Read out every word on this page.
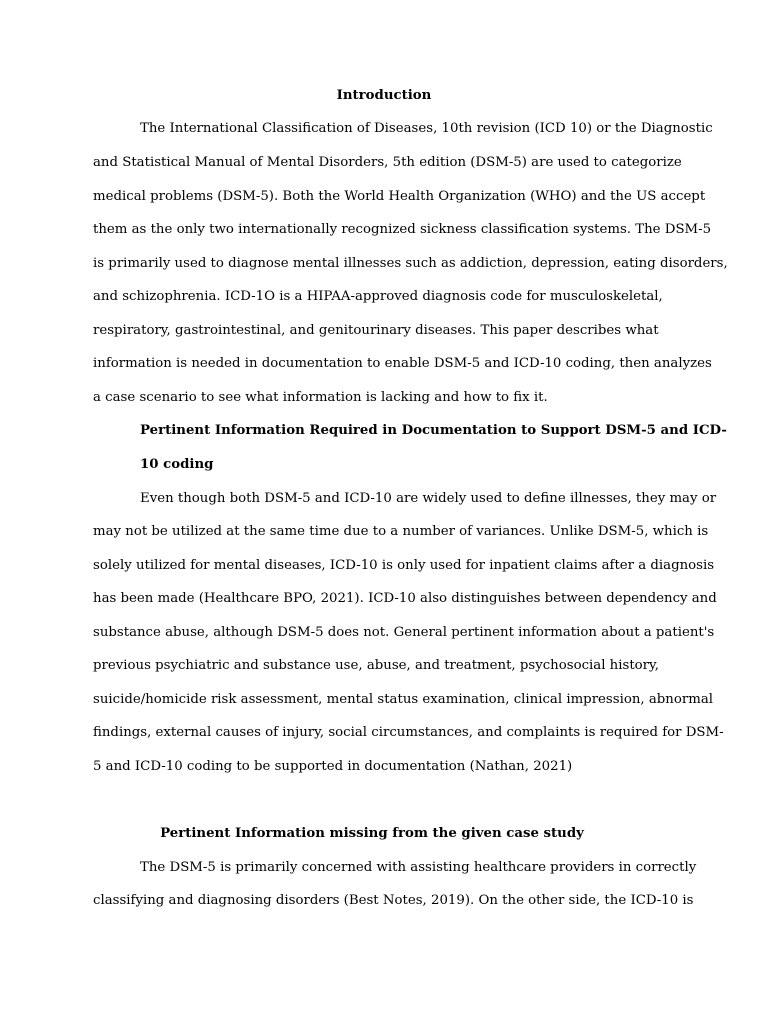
Introduction
The International Classification of Diseases, 10th revision (ICD 10) or the Diagnostic
and Statistical Manual of Mental Disorders, 5th edition (DSM-5) are used to categorize
medical problems (DSM-5). Both the World Health Organization (WHO) and the US accept
them as the only two internationally recognized sickness classification systems. The DSM-5
is primarily used to diagnose mental illnesses such as addiction, depression, eating disorders,
and schizophrenia. ICD-1O is a HIPAA-approved diagnosis code for musculoskeletal,
respiratory, gastrointestinal, and genitourinary diseases. This paper describes what
information is needed in documentation to enable DSM-5 and ICD-10 coding, then analyzes
a case scenario to see what information is lacking and how to fix it.
Pertinent Information Required in Documentation to Support DSM-5 and ICD-
10 coding
Even though both DSM-5 and ICD-10 are widely used to define illnesses, they may or
may not be utilized at the same time due to a number of variances. Unlike DSM-5, which is
solely utilized for mental diseases, ICD-10 is only used for inpatient claims after a diagnosis
has been made (Healthcare BPO, 2021). ICD-10 also distinguishes between dependency and
substance abuse, although DSM-5 does not. General pertinent information about a patient's
previous psychiatric and substance use, abuse, and treatment, psychosocial history,
suicide/homicide risk assessment, mental status examination, clinical impression, abnormal
findings, external causes of injury, social circumstances, and complaints is required for DSM-
5 and ICD-10 coding to be supported in documentation (Nathan, 2021)
Pertinent Information missing from the given case study
The DSM-5 is primarily concerned with assisting healthcare providers in correctly
classifying and diagnosing disorders (Best Notes, 2019). On the other side, the ICD-10 is
